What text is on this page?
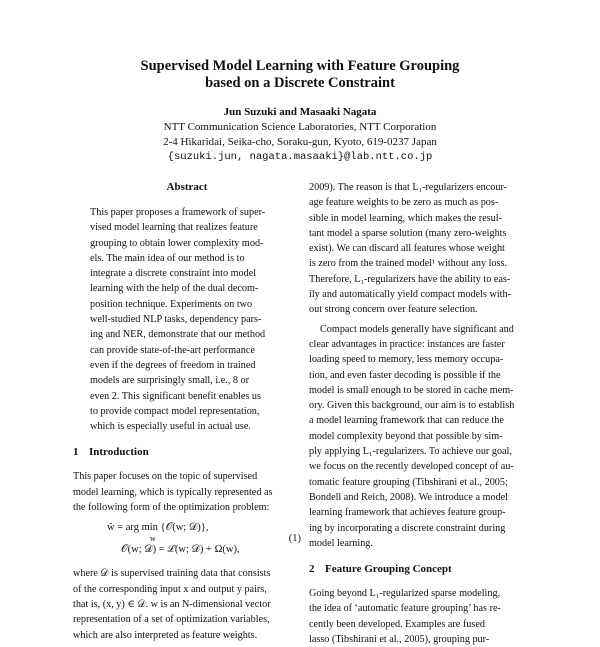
Supervised Model Learning with Feature Grouping
based on a Discrete Constraint
Jun Suzuki and Masaaki Nagata
NTT Communication Science Laboratories, NTT Corporation
2-4 Hikaridai, Seika-cho, Soraku-gun, Kyoto, 619-0237 Japan
{suzuki.jun, nagata.masaaki}@lab.ntt.co.jp
Abstract
This paper proposes a framework of super-
vised model learning that realizes feature
grouping to obtain lower complexity mod-
els. The main idea of our method is to
integrate a discrete constraint into model
learning with the help of the dual decom-
position technique. Experiments on two
well-studied NLP tasks, dependency pars-
ing and NER, demonstrate that our method
can provide state-of-the-art performance
even if the degrees of freedom in trained
models are surprisingly small, i.e., 8 or
even 2. This significant benefit enables us
to provide compact model representation,
which is especially useful in actual use.
1 Introduction
This paper focuses on the topic of supervised
model learning, which is typically represented as
the following form of the optimization problem:
ŵ = arg min {𝒪(w; 𝒟)},
w
𝒪(w; 𝒟) = ℒ(w; 𝒟) + Ω(w),
(1)
where 𝒟 is supervised training data that consists
of the corresponding input x and output y pairs,
that is, (x, y) ∈ 𝒟. w is an N-dimensional vector
representation of a set of optimization variables,
which are also interpreted as feature weights.
2009). The reason is that L₁-regularizers encour-
age feature weights to be zero as much as pos-
sible in model learning, which makes the resul-
tant model a sparse solution (many zero-weights
exist). We can discard all features whose weight
is zero from the trained model¹ without any loss.
Therefore, L₁-regularizers have the ability to eas-
ily and automatically yield compact models with-
out strong concern over feature selection.
Compact models generally have significant and
clear advantages in practice: instances are faster
loading speed to memory, less memory occupa-
tion, and even faster decoding is possible if the
model is small enough to be stored in cache mem-
ory. Given this background, our aim is to establish
a model learning framework that can reduce the
model complexity beyond that possible by sim-
ply applying L₁-regularizers. To achieve our goal,
we focus on the recently developed concept of au-
tomatic feature grouping (Tibshirani et al., 2005;
Bondell and Reich, 2008). We introduce a model
learning framework that achieves feature group-
ing by incorporating a discrete constraint during
model learning.
2 Feature Grouping Concept
Going beyond L₁-regularized sparse modeling,
the idea of ‘automatic feature grouping’ has re-
cently been developed. Examples are fused
lasso (Tibshirani et al., 2005), grouping pur-
